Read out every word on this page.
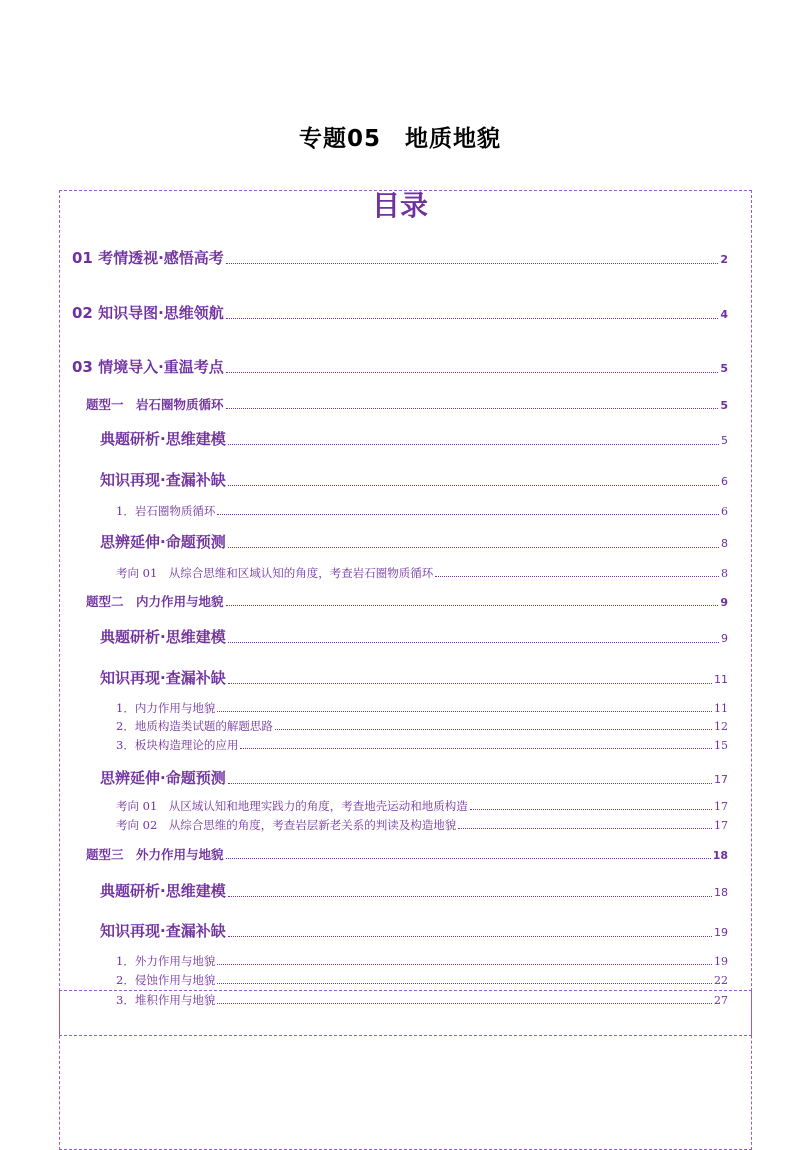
专题05　地质地貌
目录
01 考情透视·感悟高考	2
02 知识导图·思维领航	4
03 情境导入·重温考点	5
题型一　岩石圈物质循环	5
典题研析·思维建模	5
知识再现·查漏补缺	6
1．岩石圈物质循环	6
思辨延伸·命题预测	8
考向 01　从综合思维和区域认知的角度，考查岩石圈物质循环	8
题型二　内力作用与地貌	9
典题研析·思维建模	9
知识再现·查漏补缺	11
1．内力作用与地貌	11
2．地质构造类试题的解题思路	12
3．板块构造理论的应用	15
思辨延伸·命题预测	17
考向 01　从区域认知和地理实践力的角度，考查地壳运动和地质构造	17
考向 02　从综合思维的角度，考查岩层新老关系的判读及构造地貌	17
题型三　外力作用与地貌	18
典题研析·思维建模	18
知识再现·查漏补缺	19
1．外力作用与地貌	19
2．侵蚀作用与地貌	22
3．堆积作用与地貌	27
